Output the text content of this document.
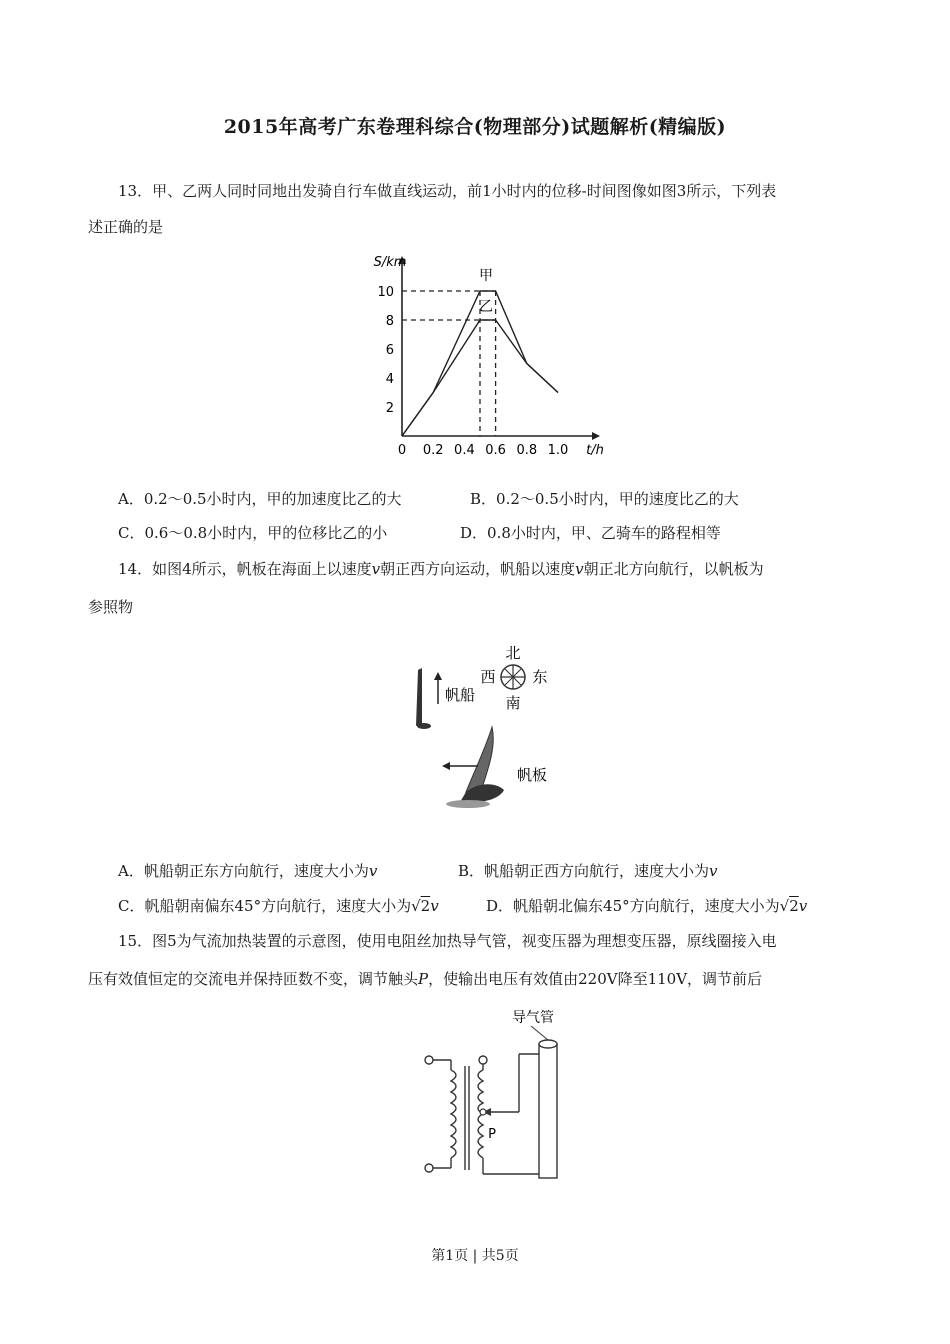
2015年高考广东卷理科综合(物理部分)试题解析(精编版)
13．甲、乙两人同时同地出发骑自行车做直线运动，前1小时内的位移-时间图像如图3所示，下列表
述正确的是
S/km
t/h
2
4
6
8
10
0 0.2 0.4 0.6 0.8 1.0
甲
乙
A．0.2～0.5小时内，甲的加速度比乙的大	B．0.2～0.5小时内，甲的速度比乙的大
C．0.6～0.8小时内，甲的位移比乙的小	D．0.8小时内，甲、乙骑车的路程相等
14．如图4所示，帆板在海面上以速度v朝正西方向运动，帆船以速度v朝正北方向航行，以帆板为
参照物
北
南
西 东
帆船
帆板
A．帆船朝正东方向航行，速度大小为v	B．帆船朝正西方向航行，速度大小为v
C．帆船朝南偏东45°方向航行，速度大小为√2v	D．帆船朝北偏东45°方向航行，速度大小为√2v
15．图5为气流加热装置的示意图，使用电阻丝加热导气管，视变压器为理想变压器，原线圈接入电
压有效值恒定的交流电并保持匝数不变，调节触头P，使输出电压有效值由220V降至110V，调节前后
P
导气管
第1页 | 共5页
